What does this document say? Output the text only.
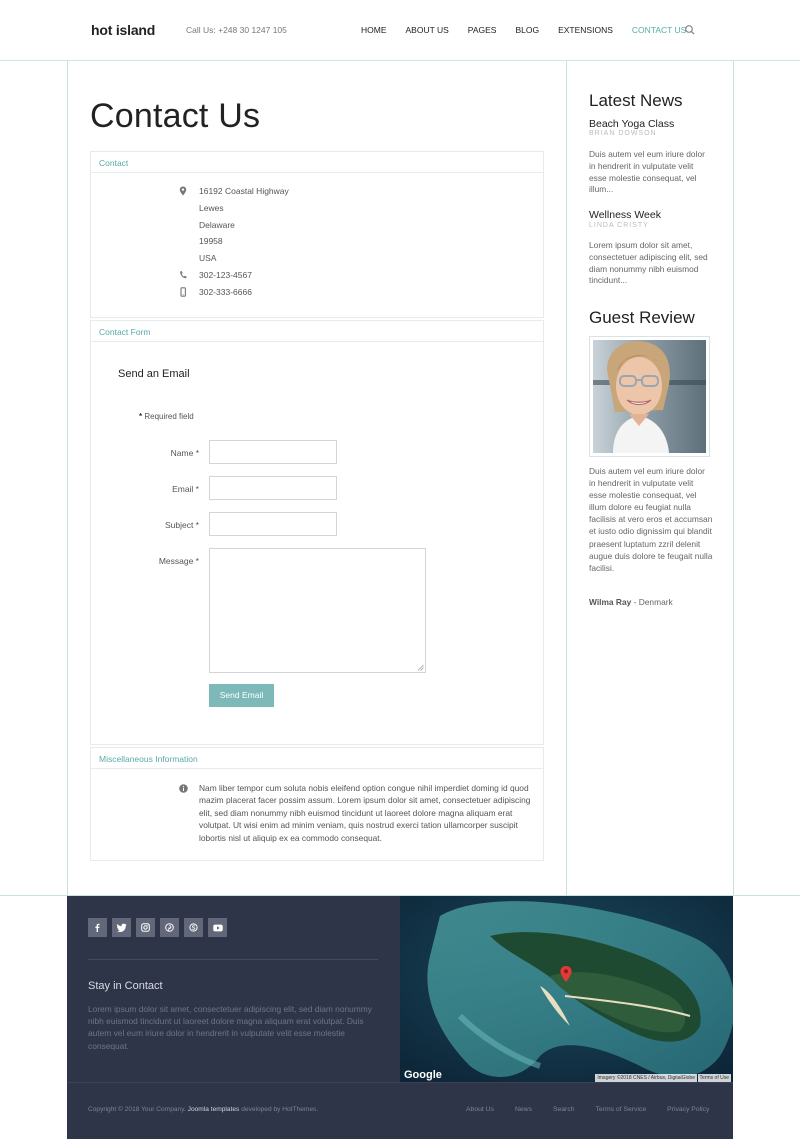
hot island	Call Us: +248 30 1247 105	HOME ABOUT US PAGES BLOG EXTENSIONS CONTACT US
Contact Us
Contact
16192 Coastal Highway
Lewes
Delaware
19958
USA
302-123-4567
302-333-6666
Contact Form
Send an Email
* Required field
Name *
Email *
Subject *
Message *
Send Email
Miscellaneous Information
Nam liber tempor cum soluta nobis eleifend option congue nihil imperdiet doming id quod mazim placerat facer possim assum. Lorem ipsum dolor sit amet, consectetuer adipiscing elit, sed diam nonummy nibh euismod tincidunt ut laoreet dolore magna aliquam erat volutpat. Ut wisi enim ad minim veniam, quis nostrud exerci tation ullamcorper suscipit lobortis nisl ut aliquip ex ea commodo consequat.
Latest News
Beach Yoga Class
BRIAN DOWSON
Duis autem vel eum iriure dolor in hendrerit in vulputate velit esse molestie consequat, vel illum...
Wellness Week
LINDA CRISTY
Lorem ipsum dolor sit amet, consectetuer adipiscing elit, sed diam nonummy nibh euismod tincidunt...
Guest Review
Duis autem vel eum iriure dolor in hendrerit in vulputate velit esse molestie consequat, vel illum dolore eu feugiat nulla facilisis at vero eros et accumsan et iusto odio dignissim qui blandit praesent luptatum zzril delenit augue duis dolore te feugait nulla facilisi.
Wilma Ray - Denmark
Stay in Contact
Lorem ipsum dolor sit amet, consectetuer adipiscing elit, sed diam nonummy nibh euismod tincidunt ut laoreet dolore magna aliquam erat volutpat. Duis autem vel eum iriure dolor in hendrerit in vulputate velit esse molestie consequat.
Google	Imagery ©2018 CNES / Airbus, DigitalGlobe Terms of Use
Copyright © 2018 Your Company. Joomla templates developed by HotThemes.	About Us	News	Search	Terms of Service	Privacy Policy
